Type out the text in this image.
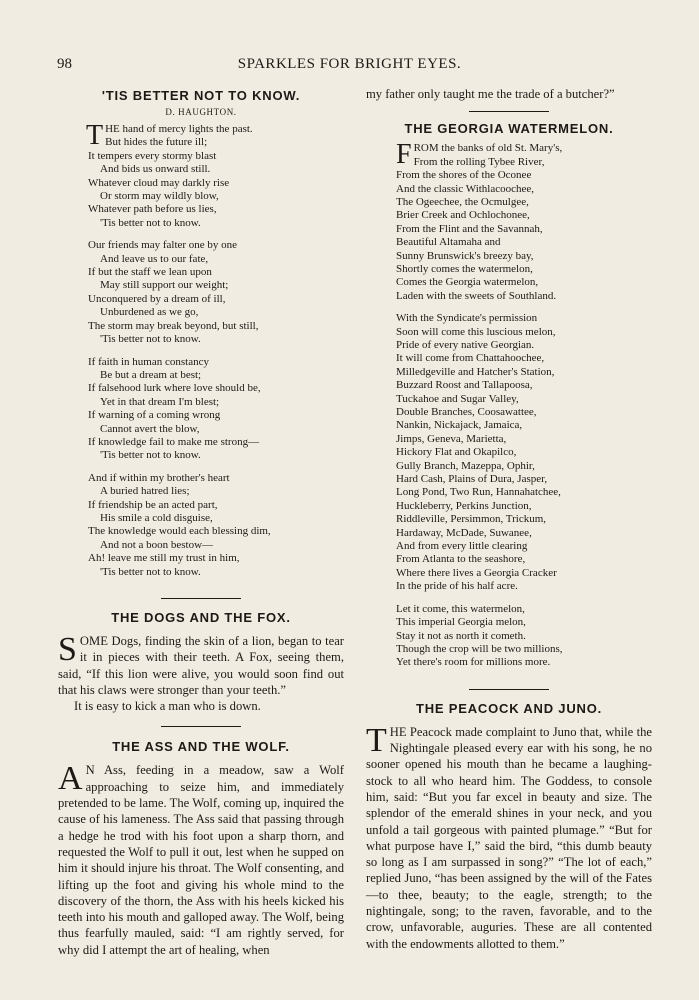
98	SPARKLES FOR BRIGHT EYES.
'TIS BETTER NOT TO KNOW.
D. HAUGHTON.
T HE hand of mercy lights the past.
But hides the future ill;
It tempers every stormy blast
And bids us onward still.
Whatever cloud may darkly rise
Or storm may wildly blow,
Whatever path before us lies,
'Tis better not to know.
Our friends may falter one by one
And leave us to our fate,
If but the staff we lean upon
May still support our weight;
Unconquered by a dream of ill,
Unburdened as we go,
The storm may break beyond, but still,
'Tis better not to know.
If faith in human constancy
Be but a dream at best;
If falsehood lurk where love should be,
Yet in that dream I'm blest;
If warning of a coming wrong
Cannot avert the blow,
If knowledge fail to make me strong—
'Tis better not to know.
And if within my brother's heart
A buried hatred lies;
If friendship be an acted part,
His smile a cold disguise,
The knowledge would each blessing dim,
And not a boon bestow—
Ah! leave me still my trust in him,
'Tis better not to know.
THE DOGS AND THE FOX.
S OME Dogs, finding the skin of a lion, began to tear it in pieces with their teeth. A Fox, seeing them, said, “If this lion were alive, you would soon find out that his claws were stronger than your teeth.”
It is easy to kick a man who is down.
THE ASS AND THE WOLF.
A N Ass, feeding in a meadow, saw a Wolf approaching to seize him, and immediately pretended to be lame. The Wolf, coming up, inquired the cause of his lameness. The Ass said that passing through a hedge he trod with his foot upon a sharp thorn, and requested the Wolf to pull it out, lest when he supped on him it should injure his throat. The Wolf consenting, and lifting up the foot and giving his whole mind to the discovery of the thorn, the Ass with his heels kicked his teeth into his mouth and galloped away. The Wolf, being thus fearfully mauled, said: “I am rightly served, for why did I attempt the art of healing, when
my father only taught me the trade of a butcher?”
THE GEORGIA WATERMELON.
F ROM the banks of old St. Mary's,
From the rolling Tybee River,
From the shores of the Oconee
And the classic Withlacoochee,
The Ogeechee, the Ocmulgee,
Brier Creek and Ochlochonee,
From the Flint and the Savannah,
Beautiful Altamaha and
Sunny Brunswick's breezy bay,
Shortly comes the watermelon,
Comes the Georgia watermelon,
Laden with the sweets of Southland.
With the Syndicate's permission
Soon will come this luscious melon,
Pride of every native Georgian.
It will come from Chattahoochee,
Milledgeville and Hatcher's Station,
Buzzard Roost and Tallapoosa,
Tuckahoe and Sugar Valley,
Double Branches, Coosawattee,
Nankin, Nickajack, Jamaica,
Jimps, Geneva, Marietta,
Hickory Flat and Okapilco,
Gully Branch, Mazeppa, Ophir,
Hard Cash, Plains of Dura, Jasper,
Long Pond, Two Run, Hannahatchee,
Huckleberry, Perkins Junction,
Riddleville, Persimmon, Trickum,
Hardaway, McDade, Suwanee,
And from every little clearing
From Atlanta to the seashore,
Where there lives a Georgia Cracker
In the pride of his half acre.
Let it come, this watermelon,
This imperial Georgia melon,
Stay it not as north it cometh.
Though the crop will be two millions,
Yet there's room for millions more.
THE PEACOCK AND JUNO.
T HE Peacock made complaint to Juno that, while the Nightingale pleased every ear with his song, he no sooner opened his mouth than he became a laughing-stock to all who heard him. The Goddess, to console him, said: “But you far excel in beauty and size. The splendor of the emerald shines in your neck, and you unfold a tail gorgeous with painted plumage.” “But for what purpose have I,” said the bird, “this dumb beauty so long as I am surpassed in song?” “The lot of each,” replied Juno, “has been assigned by the will of the Fates—to thee, beauty; to the eagle, strength; to the nightingale, song; to the raven, favorable, and to the crow, unfavorable, auguries. These are all contented with the endowments allotted to them.”
